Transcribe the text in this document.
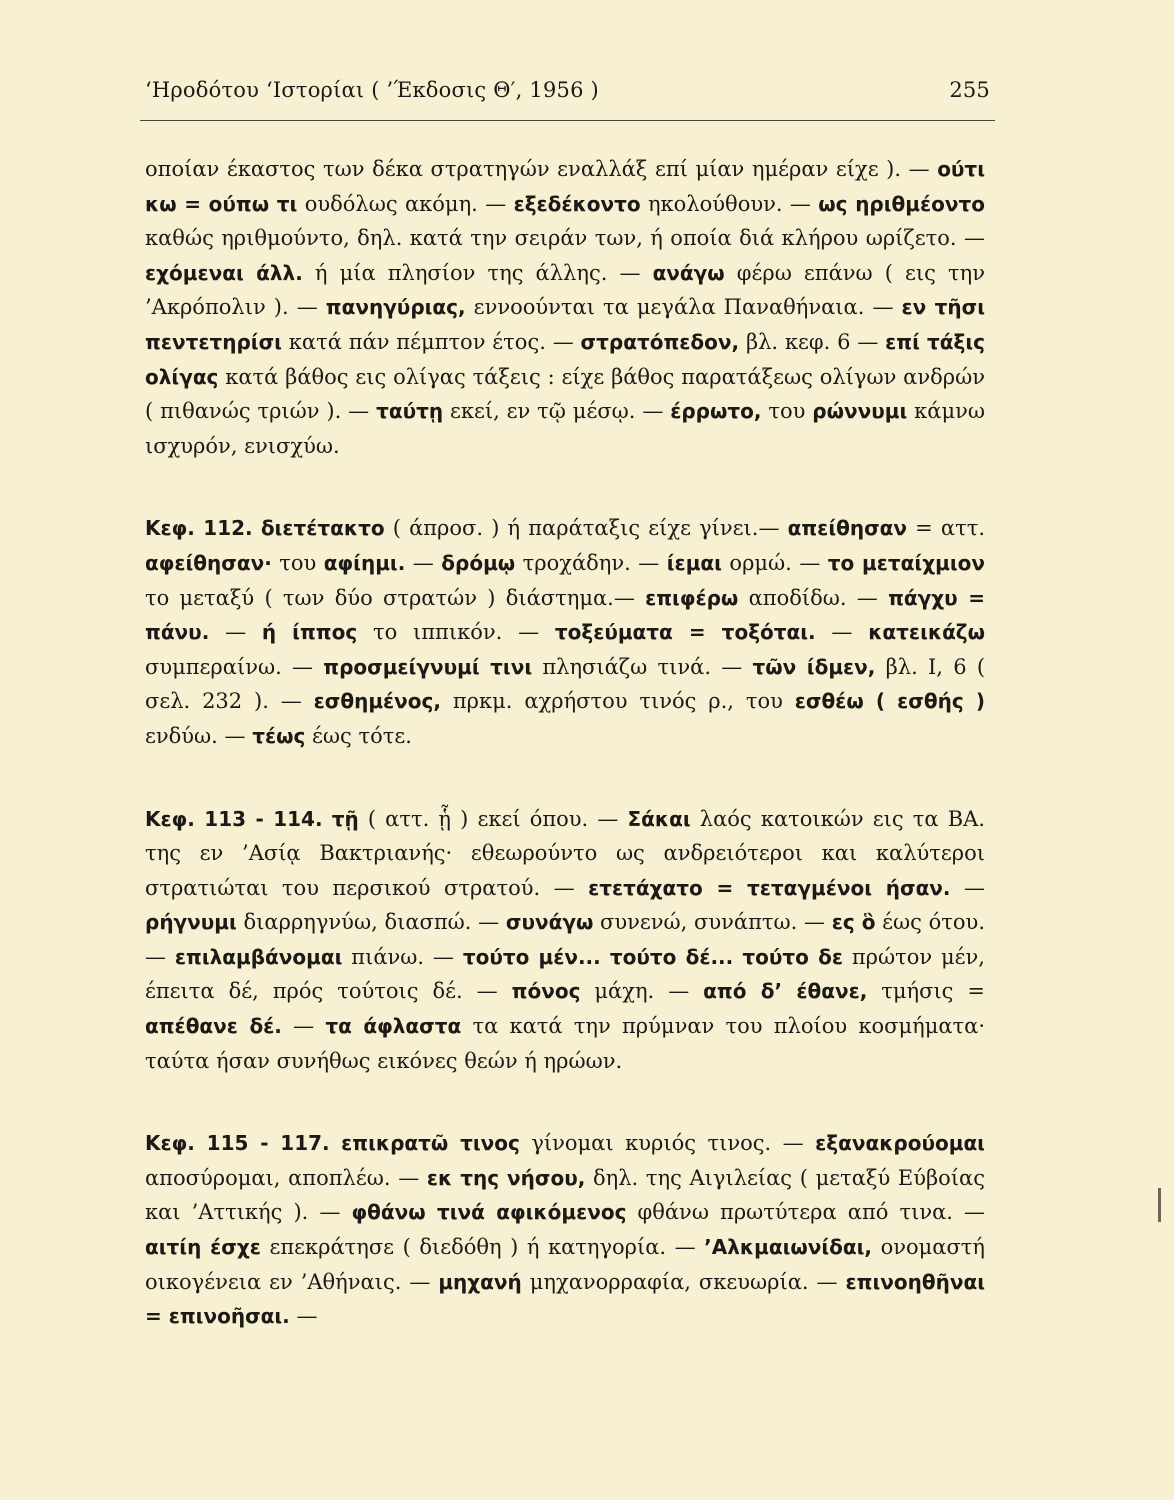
‘Ηροδότου ‘Ιστορίαι ( ’Έκδοσις Θ′, 1956 )	255

οποίαν έκαστος των δέκα στρατηγών εναλλάξ επί μίαν ημέραν είχε ). — ούτι κω = ούπω τι ουδόλως ακόμη. — εξεδέκοντο ηκολούθουν. — ως ηριθμέοντο καθώς ηριθμούντο, δηλ. κατά την σειράν των, ή οποία διά κλήρου ωρίζετο. — εχόμεναι άλλ. ή μία πλησίον της άλλης. — ανάγω φέρω επάνω ( εις την ’Ακρόπολιν ). — πανηγύριας, εννοούνται τα μεγάλα Παναθήναια. — εν τῆσι πεντετηρίσι κατά πάν πέμπτον έτος. — στρατόπεδον, βλ. κεφ. 6 — επί τάξις ολίγας κατά βάθος εις ολίγας τάξεις : είχε βάθος παρατάξεως ολίγων ανδρών ( πιθανώς τριών ). — ταύτῃ εκεί, εν τῷ μέσῳ. — έρρωτο, του ρώννυμι κάμνω ισχυρόν, ενισχύω.

Κεφ. 112. διετέτακτο ( άπροσ. ) ή παράταξις είχε γίνει.— απείθησαν = αττ. αφείθησαν· του αφίημι. — δρόμῳ τροχάδην. — ίεμαι ορμώ. — το μεταίχμιον το μεταξύ ( των δύο στρατών ) διάστημα.— επιφέρω αποδίδω. — πάγχυ = πάνυ. — ή ίππος το ιππικόν. — τοξεύματα = τοξόται. — κατεικάζω συμπεραίνω. — προσμείγνυμί τινι πλησιάζω τινά. — τῶν ίδμεν, βλ. I, 6 ( σελ. 232 ). — εσθημένος, πρκμ. αχρήστου τινός ρ., του εσθέω ( εσθής ) ενδύω. — τέως έως τότε.

Κεφ. 113 - 114. τῇ ( αττ. ᾗ ) εκεί όπου. — Σάκαι λαός κατοικών εις τα ΒΑ. της εν ’Ασίᾳ Βακτριανής· εθεωρούντο ως ανδρειότεροι και καλύτεροι στρατιώται του περσικού στρατού. — ετετάχατο = τεταγμένοι ήσαν. — ρήγνυμι διαρρηγνύω, διασπώ. — συνάγω συνενώ, συνάπτω. — ες ὃ έως ότου. — επιλαμβάνομαι πιάνω. — τούτο μέν... τούτο δέ... τούτο δε πρώτον μέν, έπειτα δέ, πρός τούτοις δέ. — πόνος μάχη. — από δ’ έθανε, τμήσις = απέθανε δέ. — τα άφλαστα τα κατά την πρύμναν του πλοίου κοσμήματα· ταύτα ήσαν συνήθως εικόνες θεών ή ηρώων.

Κεφ. 115 - 117. επικρατῶ τινος γίνομαι κυριός τινος. — εξανακρούομαι αποσύρομαι, αποπλέω. — εκ της νήσου, δηλ. της Αιγιλείας ( μεταξύ Εύβοίας και ’Αττικής ). — φθάνω τινά αφικόμενος φθάνω πρωτύτερα από τινα. — αιτίη έσχε επεκράτησε ( διεδόθη ) ή κατηγορία. — ’Αλκμαιωνίδαι, ονομαστή οικογένεια εν ’Αθήναις. — μηχανή μηχανορραφία, σκευωρία. — επινοηθῆναι = επινοῆσαι. —
